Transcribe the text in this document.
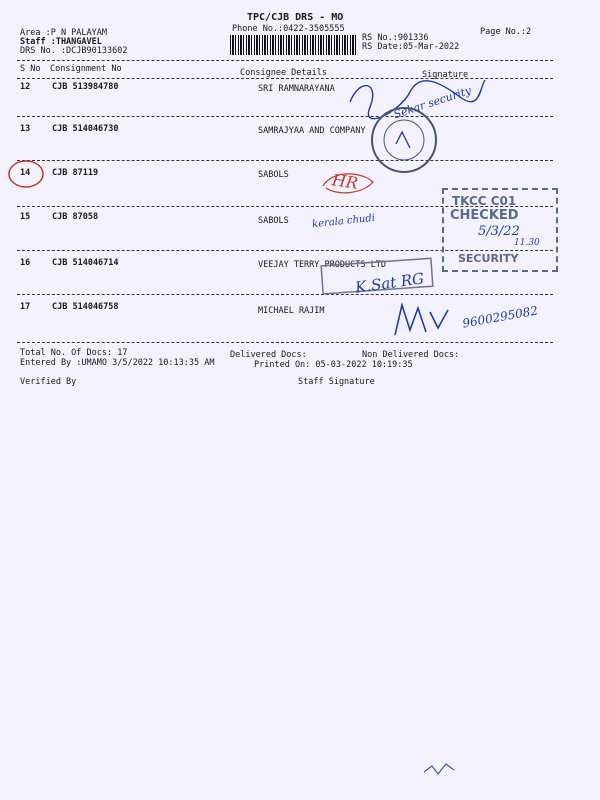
TPC/CJB DRS - MO
Phone No.:0422-3505555
Area :P N PALAYAM
Staff :THANGAVEL
DRS No. :DCJB90133602
Page No.:2
RS No.:901336
RS Date:05-Mar-2022
S No Consignment No	Consignee Details	Signature
12	CJB 513984780	SRI RAMNARAYANA
13	CJB 514046730	SAMRAJYAA AND COMPANY
14	CJB 87119	SABOLS
15	CJB 87058	SABOLS
16	CJB 514046714	VEEJAY TERRY PRODUCTS LTD
17	CJB 514046758	MICHAEL RAJIM
Total No. Of Docs: 17	Delivered Docs:	Non Delivered Docs:
Entered By :UMAMO 3/5/2022 10:13:35 AM	Printed On: 05-03-2022 10:19:35
Verified By	Staff Signature
Sekar security
HR
kerala chudi
TKCC C01
CHECKED
5/3/22
11.30
SECURITY
K.Sat RG
9600295082
